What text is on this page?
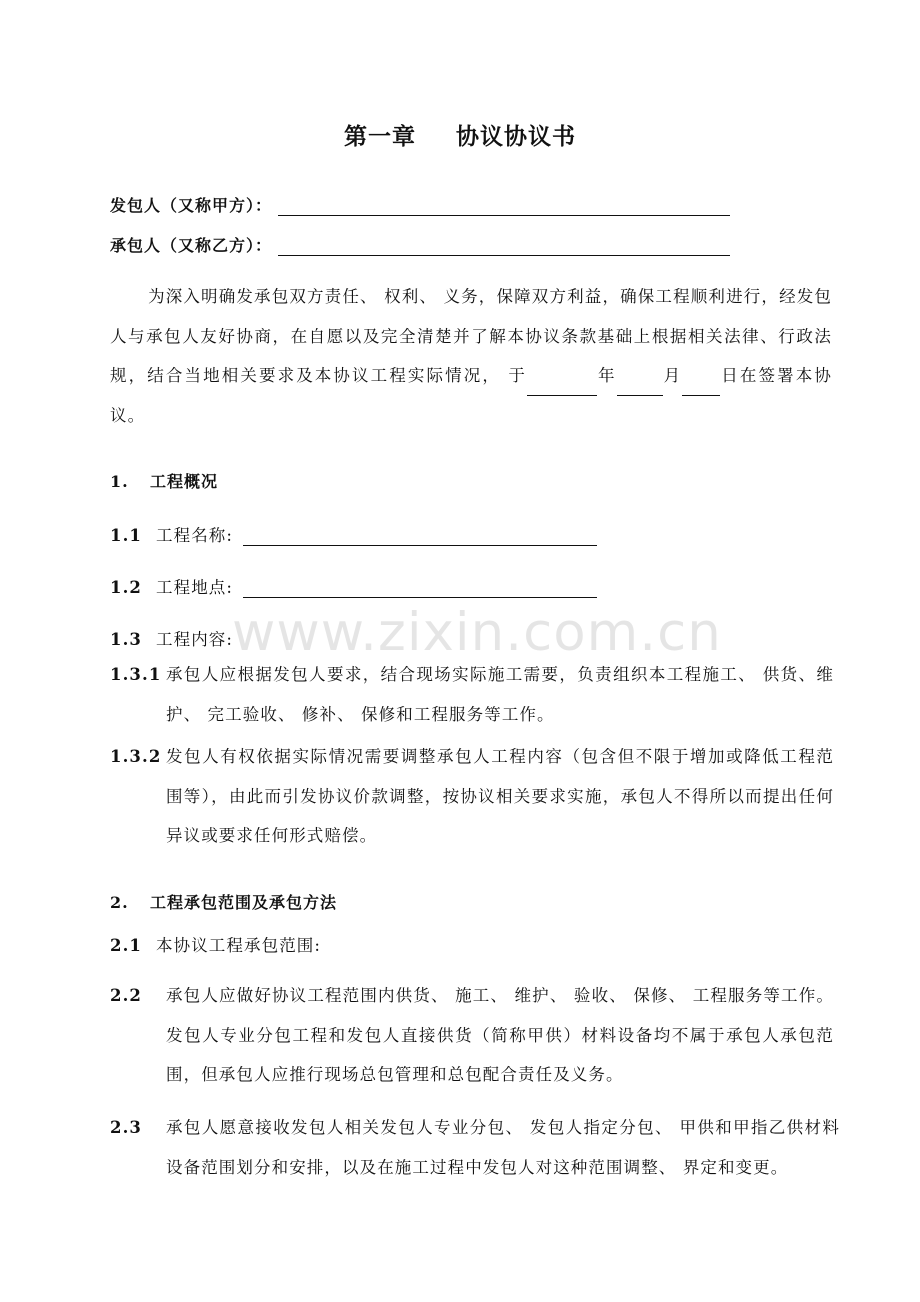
第一章 协议协议书
发包人（又称甲方）：
承包人（又称乙方）：
为深入明确发承包双方责任、 权利、 义务，保障双方利益，确保工程顺利进行，经发包人与承包人友好协商，在自愿以及完全清楚并了解本协议条款基础上根据相关法律、行政法规，结合当地相关要求及本协议工程实际情况， 于	年	月 日在签署本协议。
1. 工程概况
1.1 工程名称:
1.2 工程地点:
1.3 工程内容:
1.3.1 承包人应根据发包人要求，结合现场实际施工需要，负责组织本工程施工、 供货、维护、 完工验收、 修补、 保修和工程服务等工作。
1.3.2 发包人有权依据实际情况需要调整承包人工程内容（包含但不限于增加或降低工程范围等），由此而引发协议价款调整，按协议相关要求实施，承包人不得所以而提出任何异议或要求任何形式赔偿。
2. 工程承包范围及承包方法
2.1 本协议工程承包范围:
2.2 承包人应做好协议工程范围内供货、 施工、 维护、 验收、 保修、 工程服务等工作。发包人专业分包工程和发包人直接供货（简称甲供）材料设备均不属于承包人承包范围，但承包人应推行现场总包管理和总包配合责任及义务。
2.3 承包人愿意接收发包人相关发包人专业分包、 发包人指定分包、 甲供和甲指乙供材料设备范围划分和安排，以及在施工过程中发包人对这种范围调整、 界定和变更。
www.zixin.com.cn
